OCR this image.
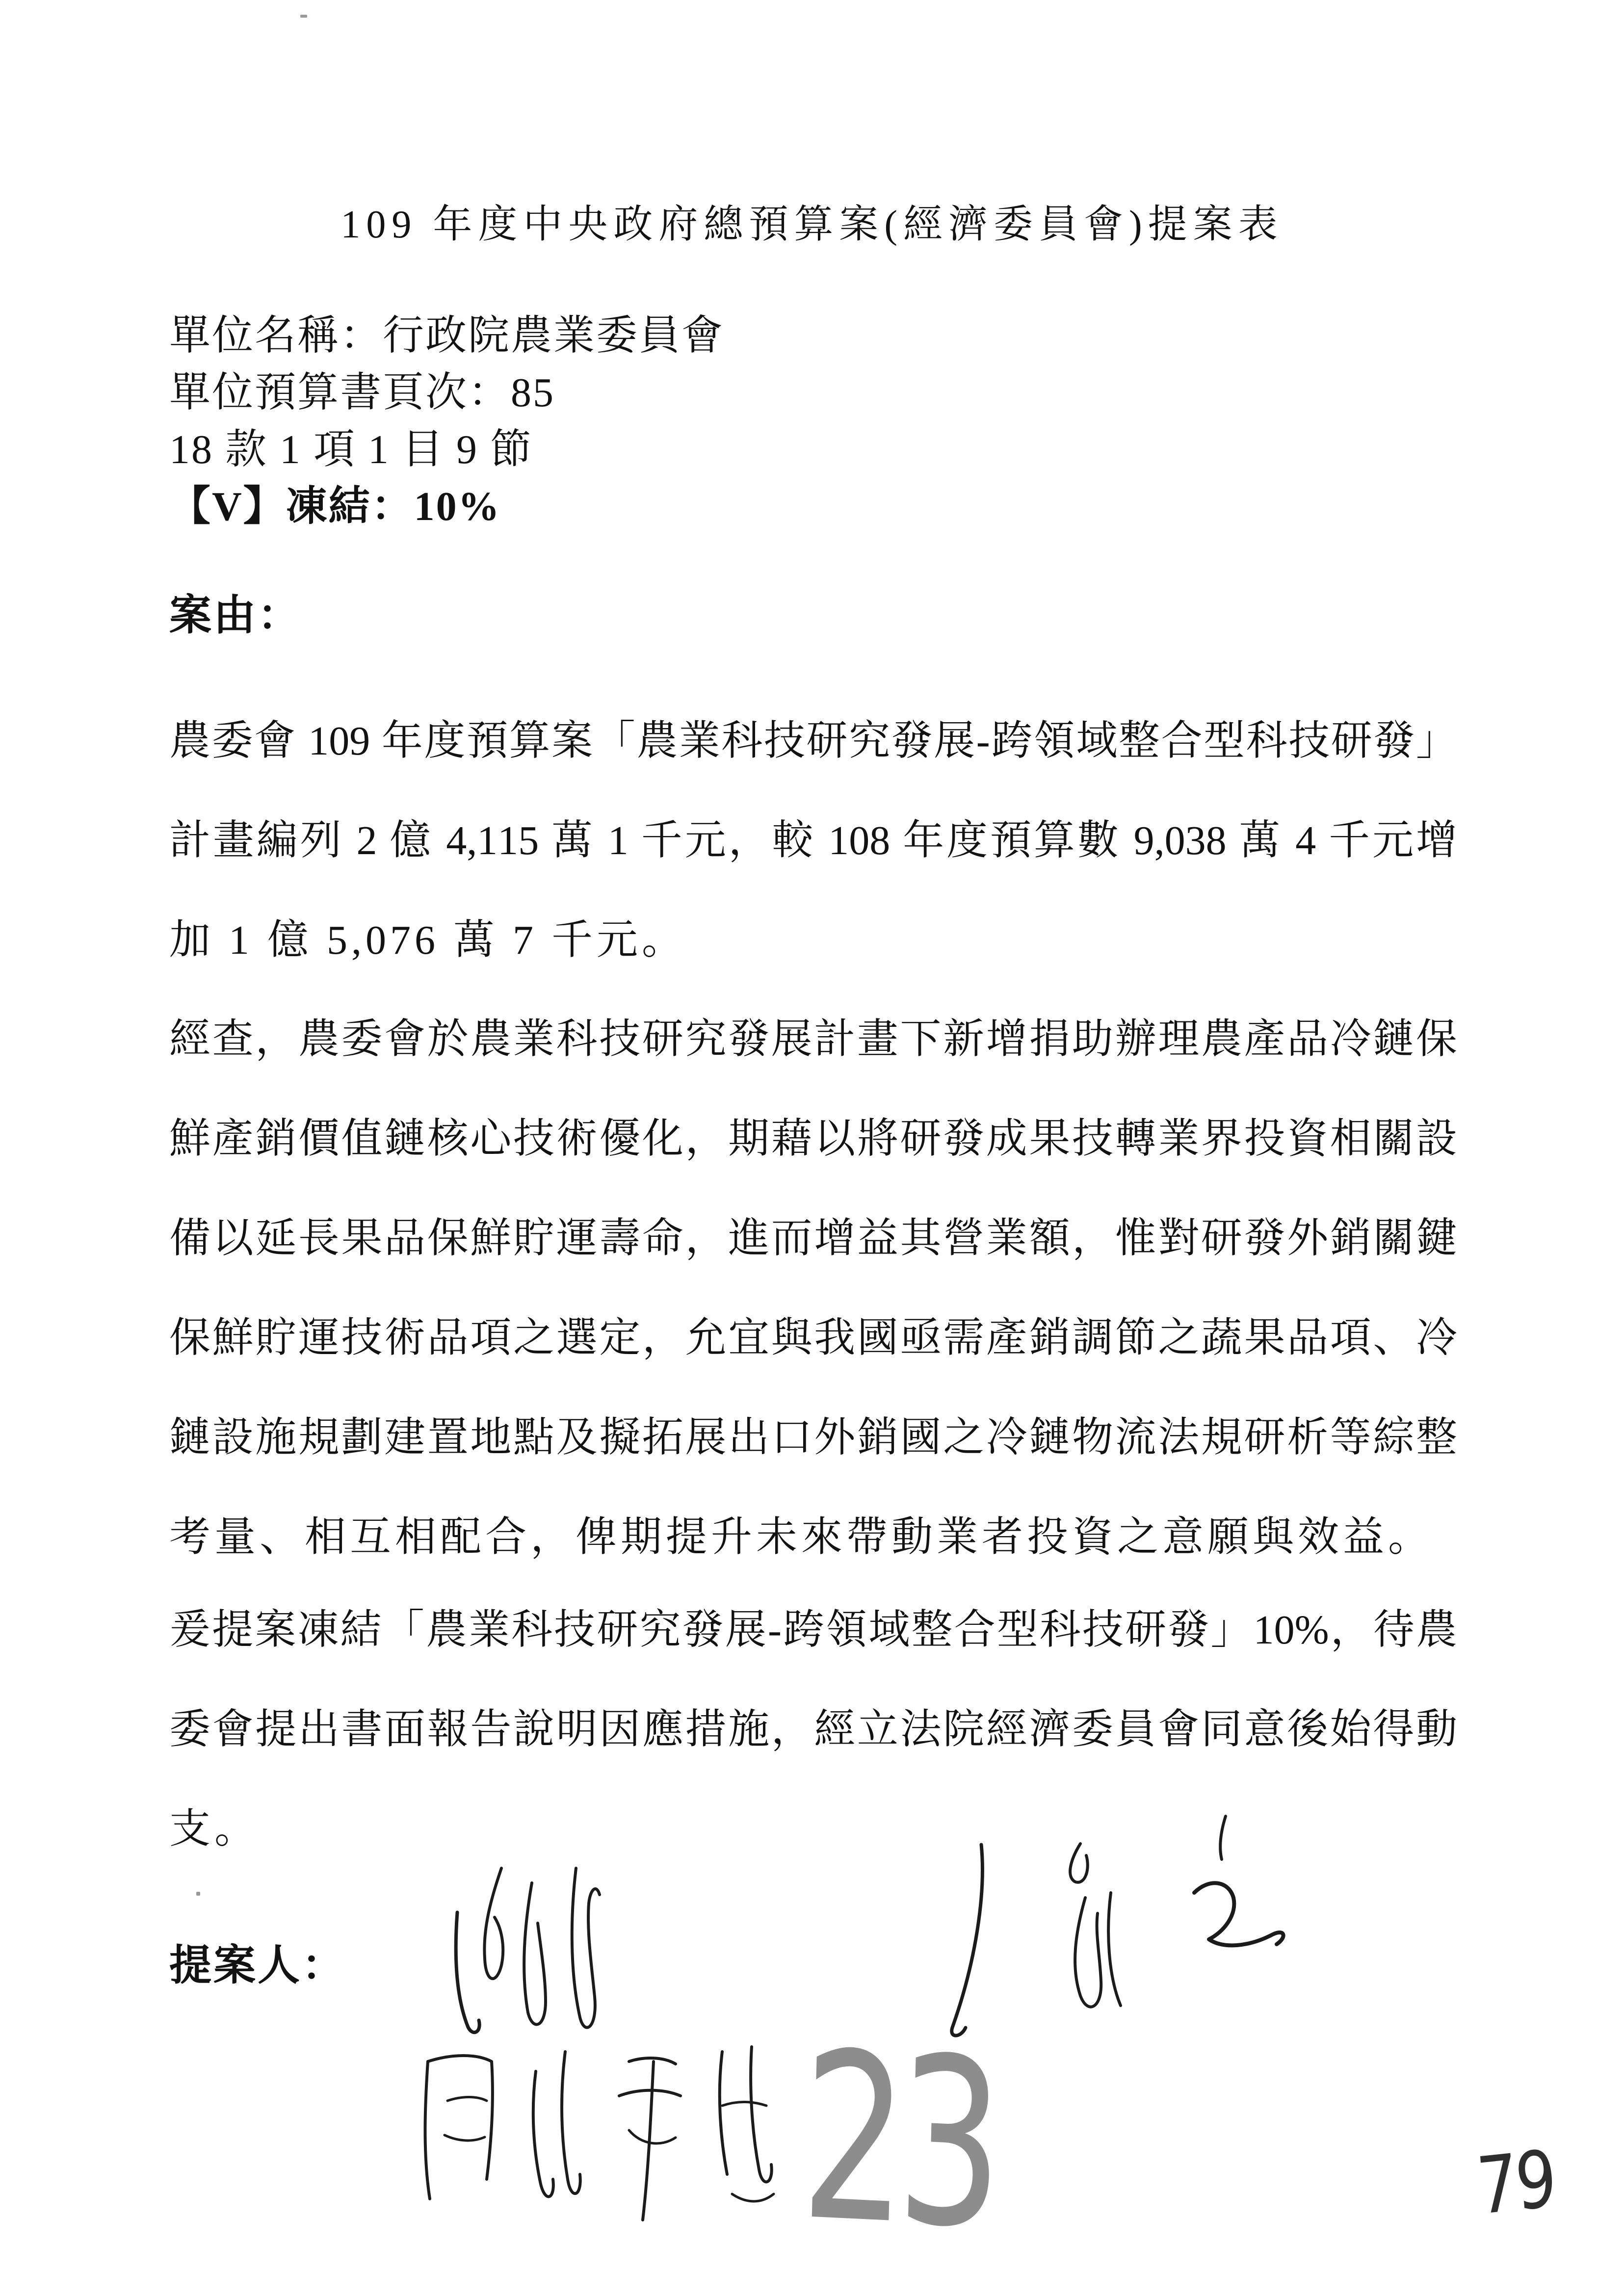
109 年度中央政府總預算案(經濟委員會)提案表
單位名稱：行政院農業委員會
單位預算書頁次：85
18 款 1 項 1 目 9 節
【V】凍結：10%
案由：
農委會 109 年度預算案「農業科技研究發展-跨領域整合型科技研發」
計畫編列 2 億 4,115 萬 1 千元，較 108 年度預算數 9,038 萬 4 千元增
加 1 億 5,076 萬 7 千元。
經查，農委會於農業科技研究發展計畫下新增捐助辦理農產品冷鏈保
鮮產銷價值鏈核心技術優化，期藉以將研發成果技轉業界投資相關設
備以延長果品保鮮貯運壽命，進而增益其營業額，惟對研發外銷關鍵
保鮮貯運技術品項之選定，允宜與我國亟需產銷調節之蔬果品項、冷
鏈設施規劃建置地點及擬拓展出口外銷國之冷鏈物流法規研析等綜整
考量、相互相配合，俾期提升未來帶動業者投資之意願與效益。
爰提案凍結「農業科技研究發展-跨領域整合型科技研發」10%，待農
委會提出書面報告說明因應措施，經立法院經濟委員會同意後始得動
支。
提案人：
23	79
